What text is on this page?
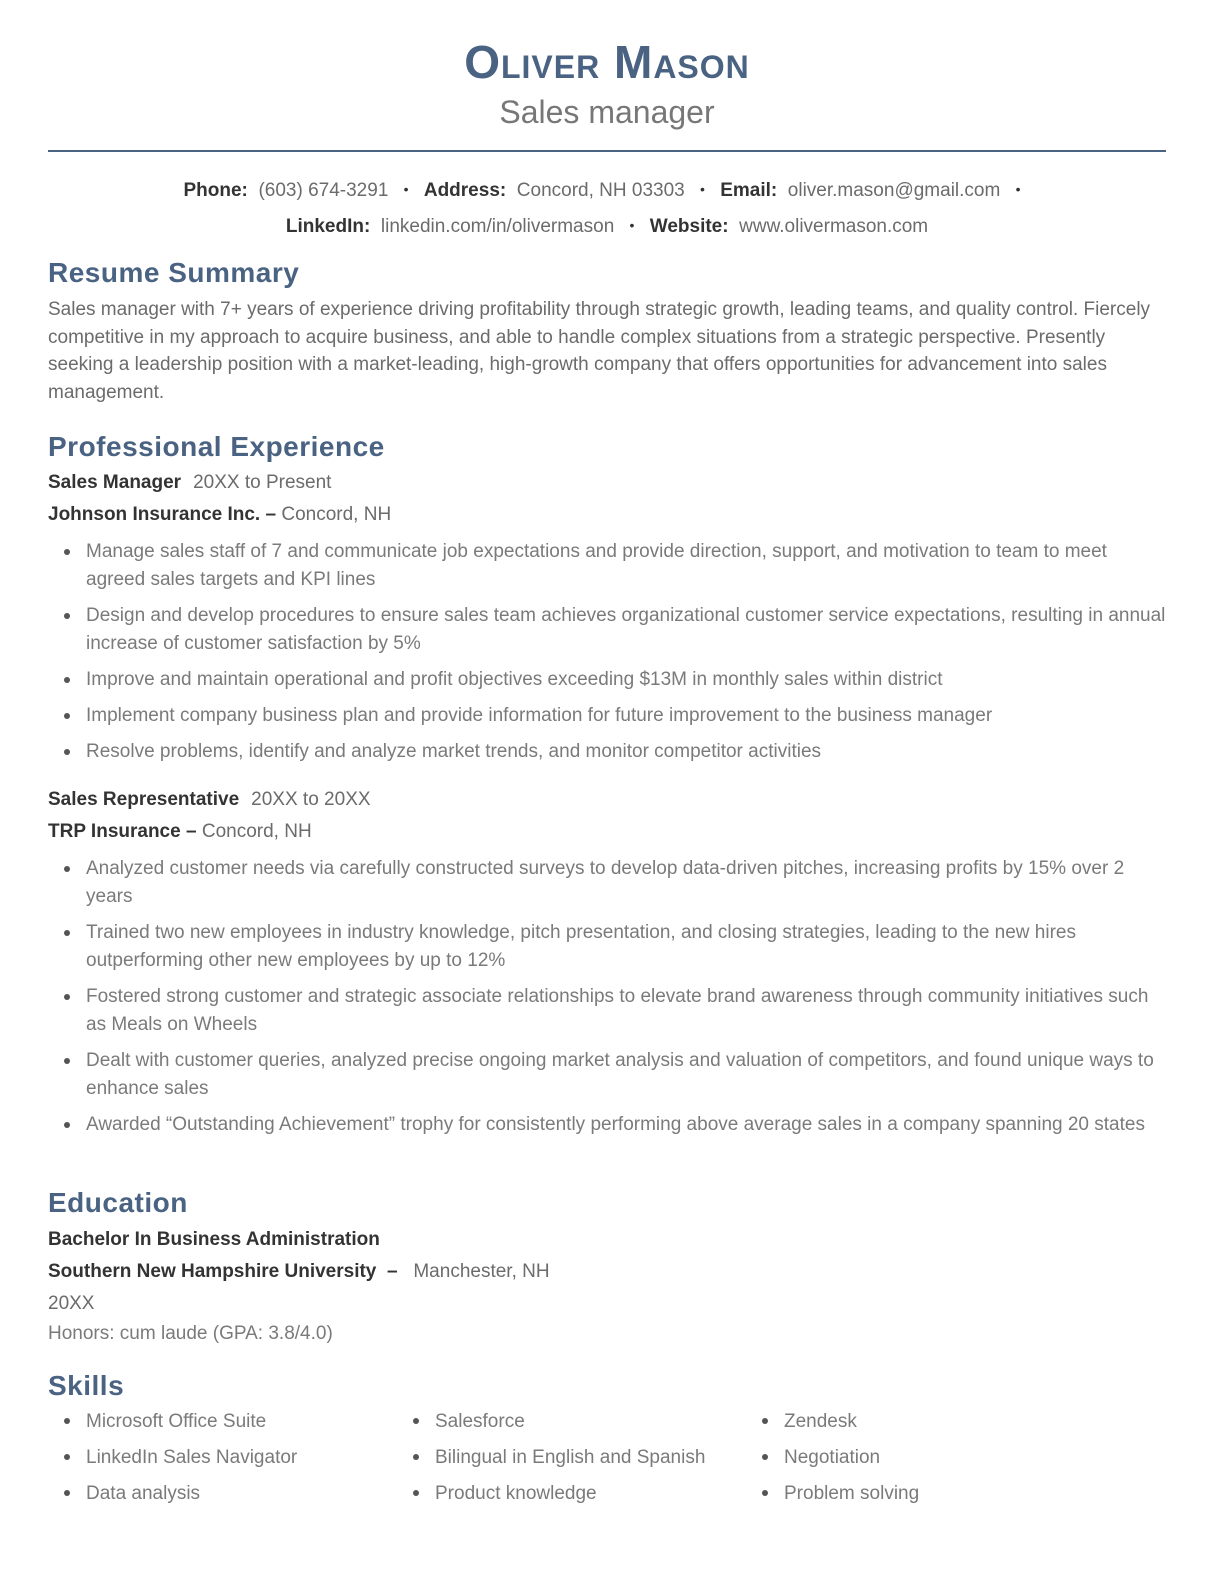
Oliver Mason
Sales manager
Phone: (603) 674-3291 • Address: Concord, NH 03303 • Email: oliver.mason@gmail.com •
LinkedIn: linkedin.com/in/olivermason • Website: www.olivermason.com
Resume Summary
Sales manager with 7+ years of experience driving profitability through strategic growth, leading teams, and quality control. Fiercely competitive in my approach to acquire business, and able to handle complex situations from a strategic perspective. Presently seeking a leadership position with a market-leading, high-growth company that offers opportunities for advancement into sales management.
Professional Experience
Sales Manager 20XX to Present
Johnson Insurance Inc. – Concord, NH
Manage sales staff of 7 and communicate job expectations and provide direction, support, and motivation to team to meet agreed sales targets and KPI lines
Design and develop procedures to ensure sales team achieves organizational customer service expectations, resulting in annual increase of customer satisfaction by 5%
Improve and maintain operational and profit objectives exceeding $13M in monthly sales within district
Implement company business plan and provide information for future improvement to the business manager
Resolve problems, identify and analyze market trends, and monitor competitor activities
Sales Representative 20XX to 20XX
TRP Insurance – Concord, NH
Analyzed customer needs via carefully constructed surveys to develop data-driven pitches, increasing profits by 15% over 2 years
Trained two new employees in industry knowledge, pitch presentation, and closing strategies, leading to the new hires outperforming other new employees by up to 12%
Fostered strong customer and strategic associate relationships to elevate brand awareness through community initiatives such as Meals on Wheels
Dealt with customer queries, analyzed precise ongoing market analysis and valuation of competitors, and found unique ways to enhance sales
Awarded “Outstanding Achievement” trophy for consistently performing above average sales in a company spanning 20 states
Education
Bachelor In Business Administration
Southern New Hampshire University – Manchester, NH
20XX
Honors: cum laude (GPA: 3.8/4.0)
Skills
Microsoft Office Suite	Salesforce	Zendesk
LinkedIn Sales Navigator	Bilingual in English and Spanish	Negotiation
Data analysis	Product knowledge	Problem solving
